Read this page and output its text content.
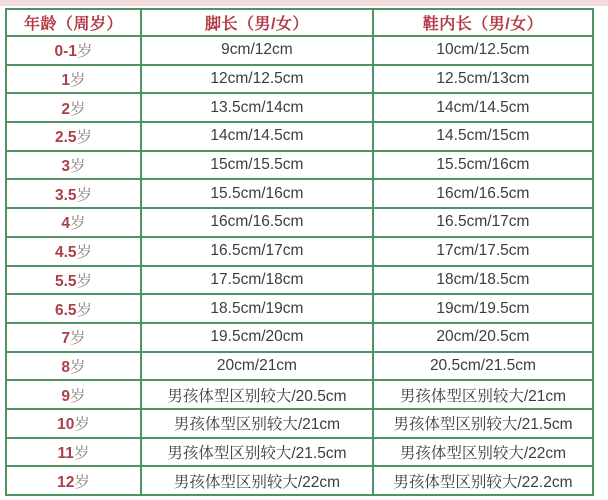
年龄（周岁）	脚长（男/女）	鞋内长（男/女）
0-1岁	9cm/12cm	10cm/12.5cm
1岁	12cm/12.5cm	12.5cm/13cm
2岁	13.5cm/14cm	14cm/14.5cm
2.5岁	14cm/14.5cm	14.5cm/15cm
3岁	15cm/15.5cm	15.5cm/16cm
3.5岁	15.5cm/16cm	16cm/16.5cm
4岁	16cm/16.5cm	16.5cm/17cm
4.5岁	16.5cm/17cm	17cm/17.5cm
5.5岁	17.5cm/18cm	18cm/18.5cm
6.5岁	18.5cm/19cm	19cm/19.5cm
7岁	19.5cm/20cm	20cm/20.5cm
8岁	20cm/21cm	20.5cm/21.5cm
9岁	男孩体型区别较大/20.5cm	男孩体型区别较大/21cm
10岁	男孩体型区别较大/21cm	男孩体型区别较大/21.5cm
11岁	男孩体型区别较大/21.5cm	男孩体型区别较大/22cm
12岁	男孩体型区别较大/22cm	男孩体型区别较大/22.2cm
